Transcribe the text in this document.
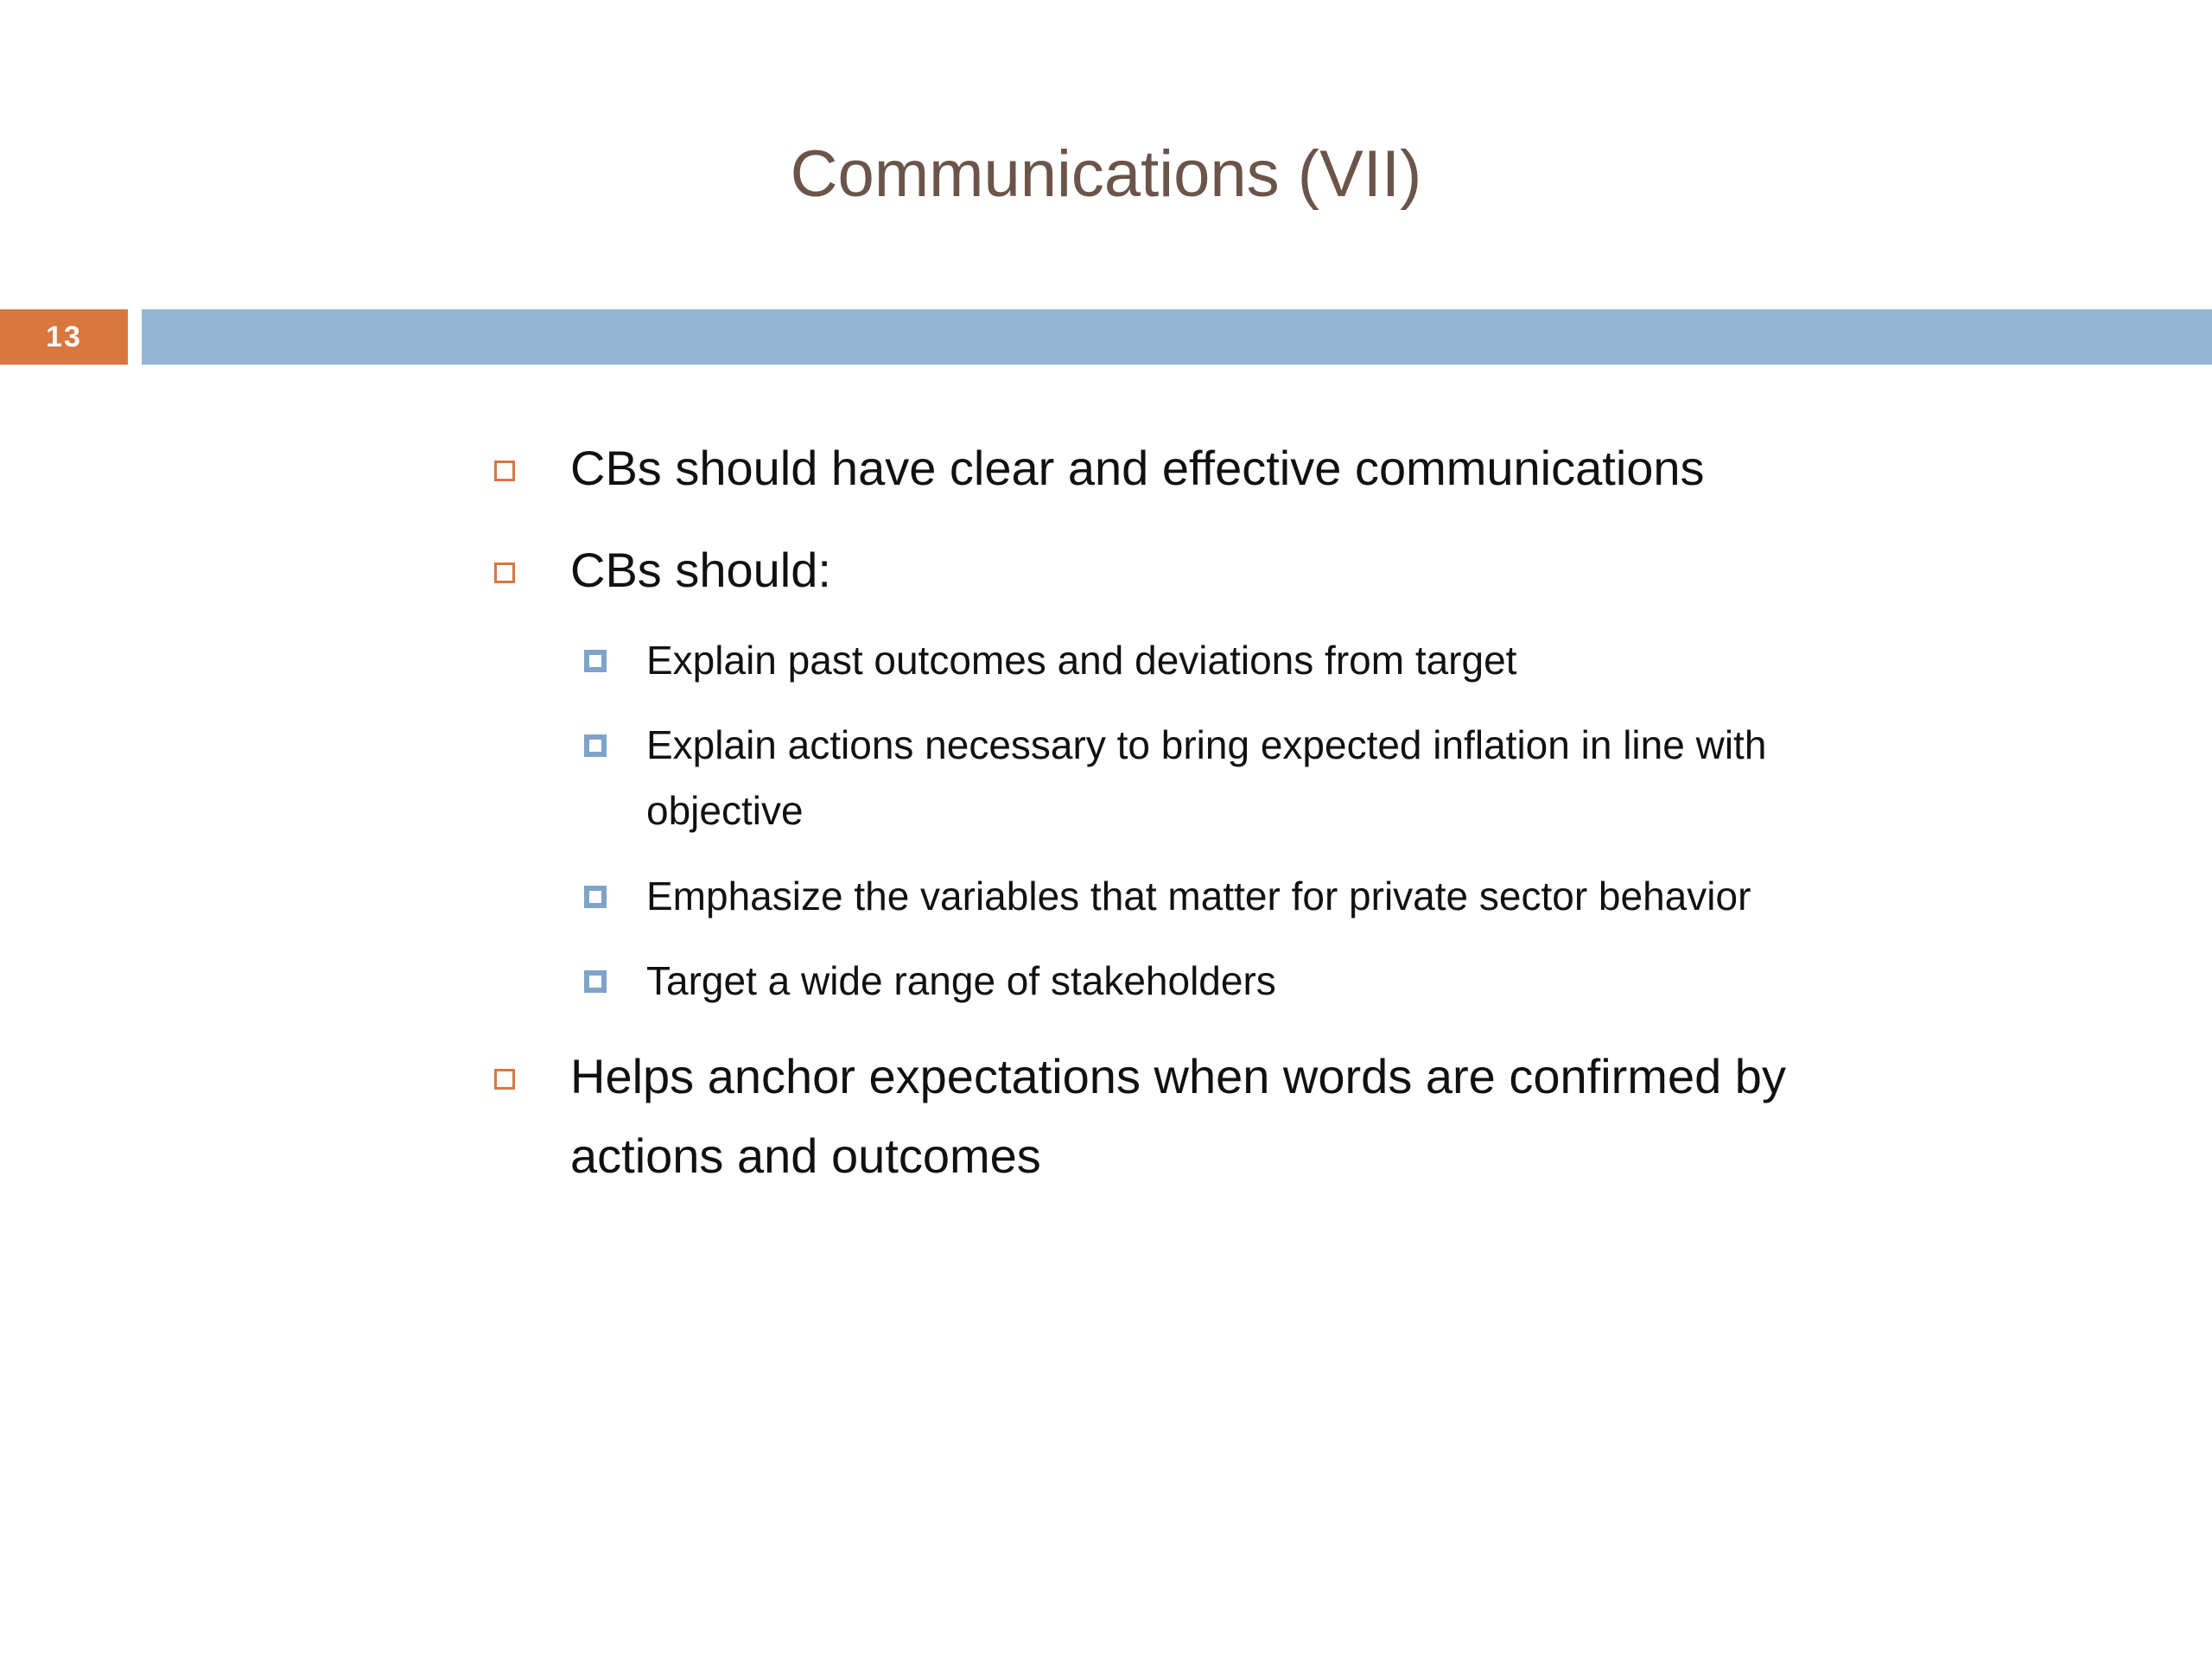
Communications (VII)
13
CBs should have clear and effective communications
CBs should:
Explain past outcomes and deviations from target
Explain actions necessary to bring expected inflation in line with objective
Emphasize the variables that matter for private sector behavior
Target a wide range of stakeholders
Helps anchor expectations when words are confirmed by actions and outcomes
